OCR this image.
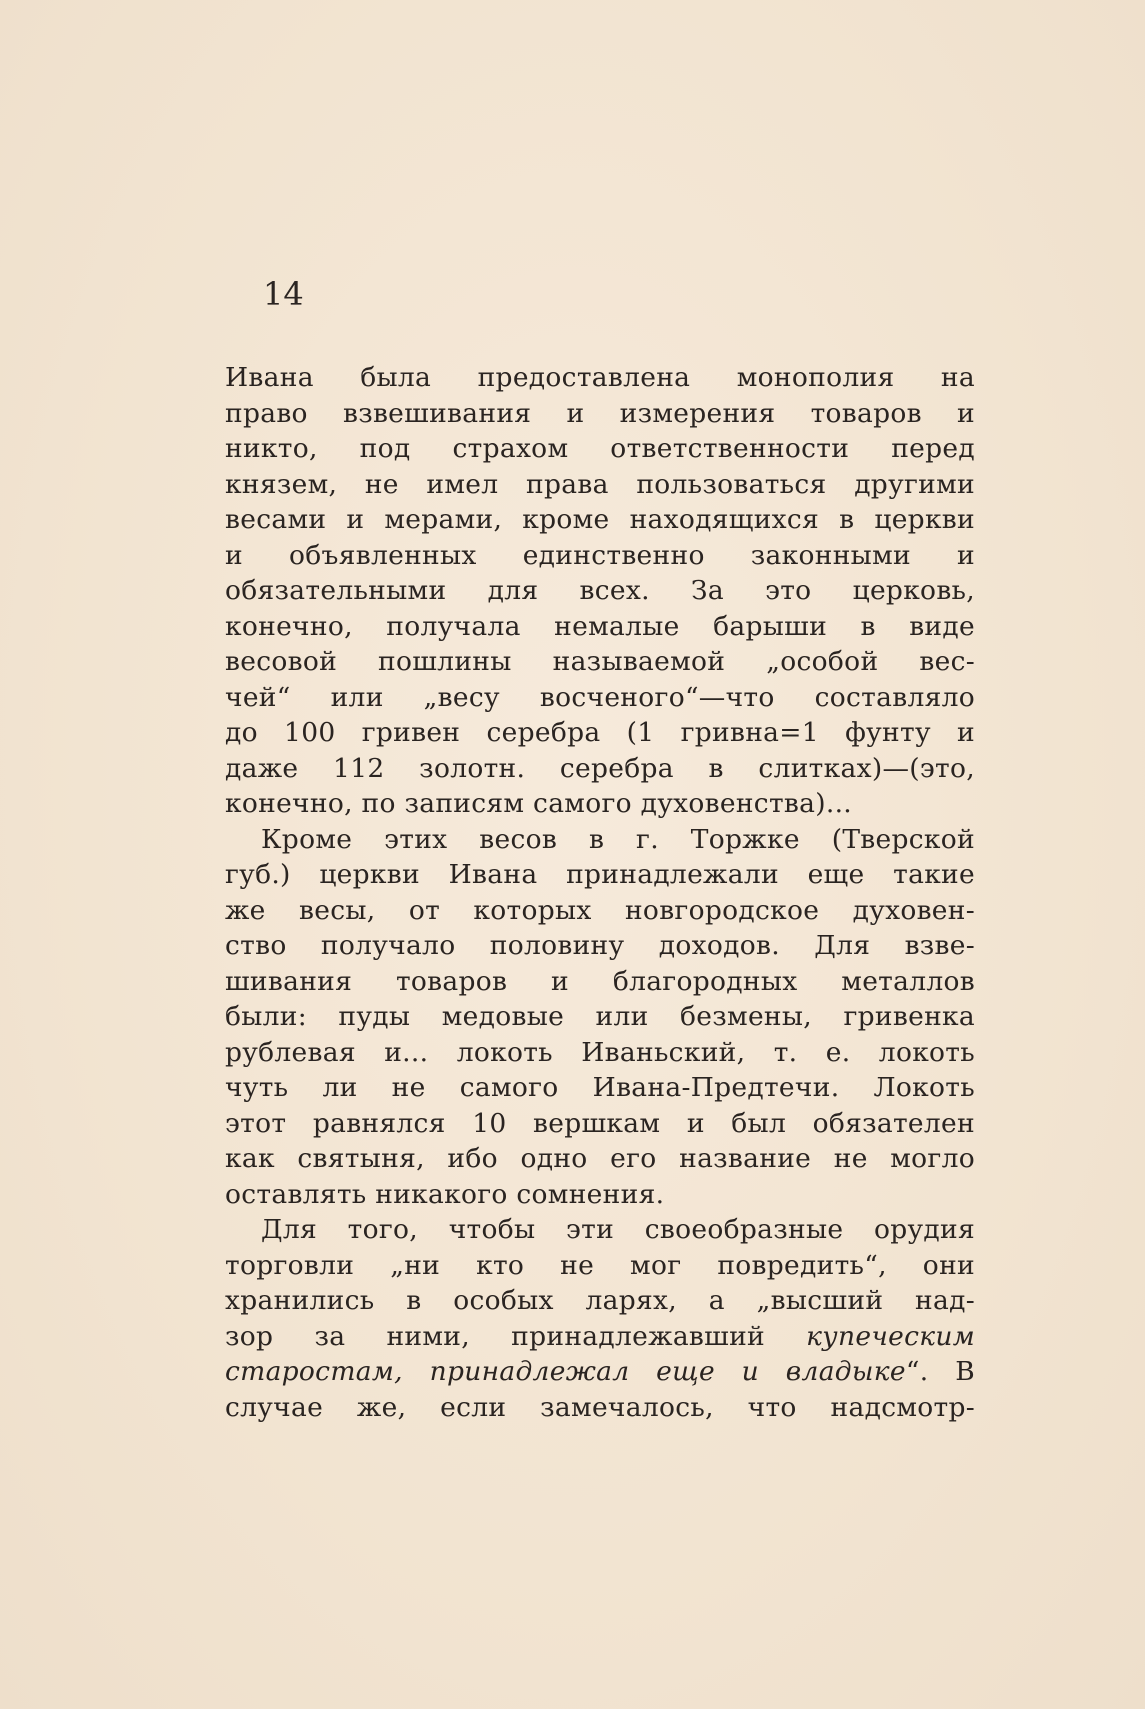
14
Ивана была предоставлена монополия на
право взвешивания и измерения товаров и
никто, под страхом ответственности перед
князем, не имел права пользоваться другими
весами и мерами, кроме находящихся в церкви
и объявленных единственно законными и
обязательными для всех. За это церковь,
конечно, получала немалые барыши в виде
весовой пошлины называемой „особой вес-
чей“ или „весу восченого“—что составляло
до 100 гривен серебра (1 гривна=1 фунту и
даже 112 золотн. серебра в слитках)—(это,
конечно, по записям самого духовенства)...
Кроме этих весов в г. Торжке (Тверской
губ.) церкви Ивана принадлежали еще такие
же весы, от которых новгородское духовен-
ство получало половину доходов. Для взве-
шивания товаров и благородных металлов
были: пуды медовые или безмены, гривенка
рублевая и... локоть Иваньский, т. е. локоть
чуть ли не самого Ивана-Предтечи. Локоть
этот равнялся 10 вершкам и был обязателен
как святыня, ибо одно его название не могло
оставлять никакого сомнения.
Для того, чтобы эти своеобразные орудия
торговли „ни кто не мог повредить“, они
хранились в особых ларях, а „высший над-
зор за ними, принадлежавший купеческим
старостам, принадлежал еще и владыке“. В
случае же, если замечалось, что надсмотр-
